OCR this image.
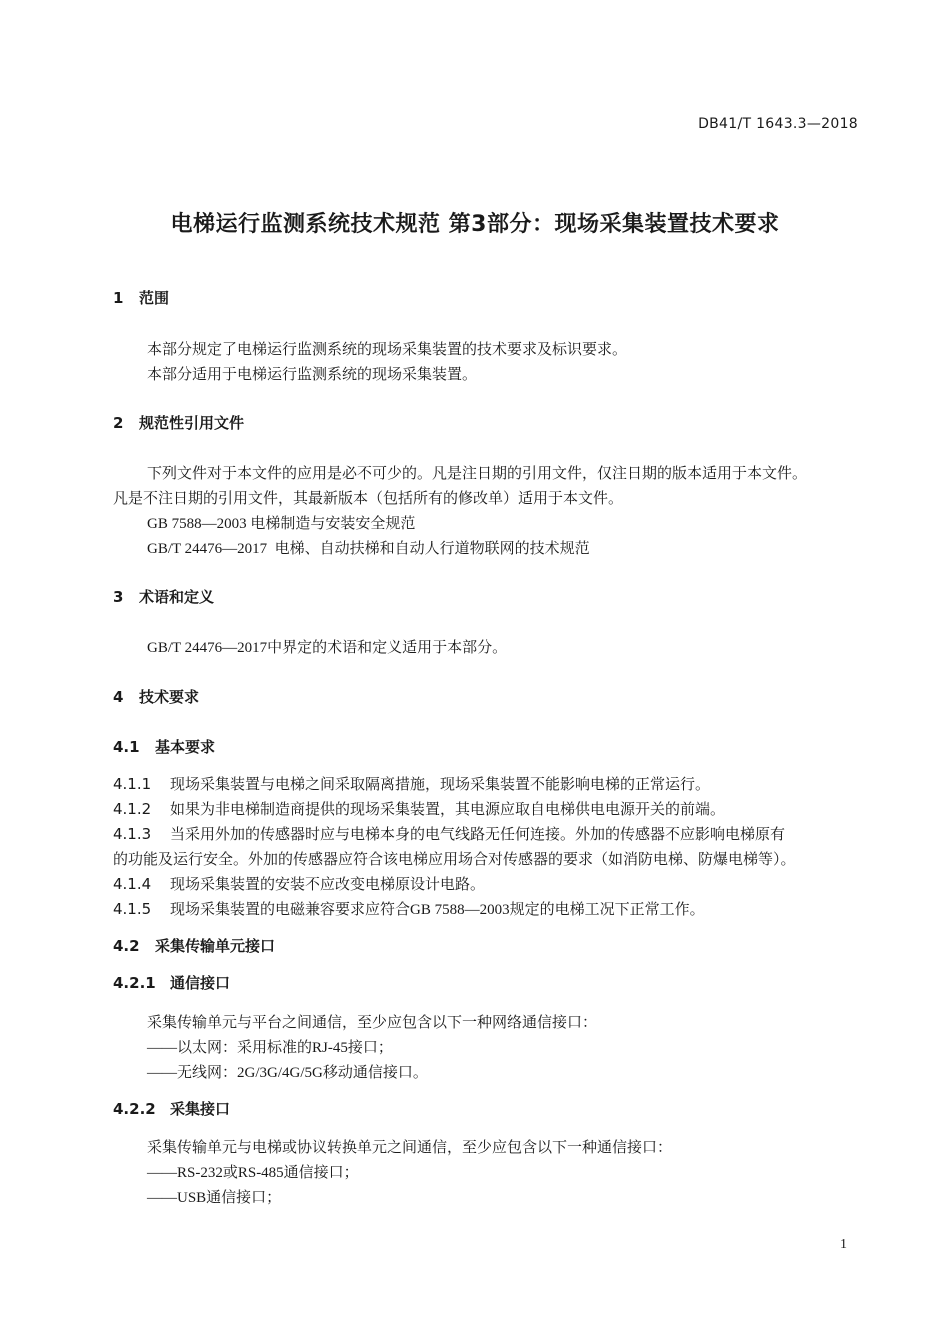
DB41/T 1643.3—2018
电梯运行监测系统技术规范 第3部分：现场采集装置技术要求
1 范围
本部分规定了电梯运行监测系统的现场采集装置的技术要求及标识要求。
本部分适用于电梯运行监测系统的现场采集装置。
2 规范性引用文件
下列文件对于本文件的应用是必不可少的。凡是注日期的引用文件，仅注日期的版本适用于本文件。
凡是不注日期的引用文件，其最新版本（包括所有的修改单）适用于本文件。
GB 7588—2003 电梯制造与安装安全规范
GB/T 24476—2017  电梯、自动扶梯和自动人行道物联网的技术规范
3 术语和定义
GB/T 24476—2017中界定的术语和定义适用于本部分。
4 技术要求
4.1 基本要求
4.1.1 现场采集装置与电梯之间采取隔离措施，现场采集装置不能影响电梯的正常运行。
4.1.2 如果为非电梯制造商提供的现场采集装置，其电源应取自电梯供电电源开关的前端。
4.1.3 当采用外加的传感器时应与电梯本身的电气线路无任何连接。外加的传感器不应影响电梯原有
的功能及运行安全。外加的传感器应符合该电梯应用场合对传感器的要求（如消防电梯、防爆电梯等）。
4.1.4 现场采集装置的安装不应改变电梯原设计电路。
4.1.5 现场采集装置的电磁兼容要求应符合GB 7588—2003规定的电梯工况下正常工作。
4.2 采集传输单元接口
4.2.1 通信接口
采集传输单元与平台之间通信，至少应包含以下一种网络通信接口：
——以太网：采用标准的RJ-45接口；
——无线网：2G/3G/4G/5G移动通信接口。
4.2.2 采集接口
采集传输单元与电梯或协议转换单元之间通信，至少应包含以下一种通信接口：
——RS-232或RS-485通信接口；
——USB通信接口；
1
